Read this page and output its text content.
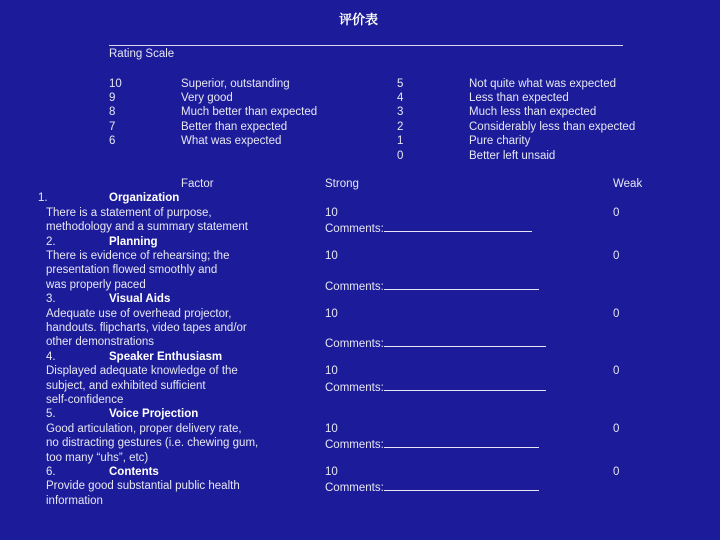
评价表
Rating Scale
10	Superior, outstanding
9	Very good
8	Much better than expected
7	Better than expected
6	What was expected
5	Not quite what was expected
4	Less than expected
3	Much less than expected
2	Considerably less than expected
1	Pure charity
0	Better left unsaid
Factor	Strong	Weak
1.	Organization
There is a statement of purpose,
methodology and a summary statement
10	0
Comments:
2.	Planning
There is evidence of rehearsing; the
presentation flowed smoothly and
was properly paced
10	0
Comments:
3.	Visual Aids
Adequate use of overhead projector,
handouts. flipcharts, video tapes and/or
other demonstrations
10	0
Comments:
4.	Speaker Enthusiasm
Displayed adequate knowledge of the
subject, and exhibited sufficient
self-confidence
10	0
Comments:
5.	Voice Projection
Good articulation, proper delivery rate,
no distracting gestures (i.e. chewing gum,
too many “uhs”, etc)
10	0
Comments:
6.	Contents
Provide good substantial public health
information
10	0
Comments:
